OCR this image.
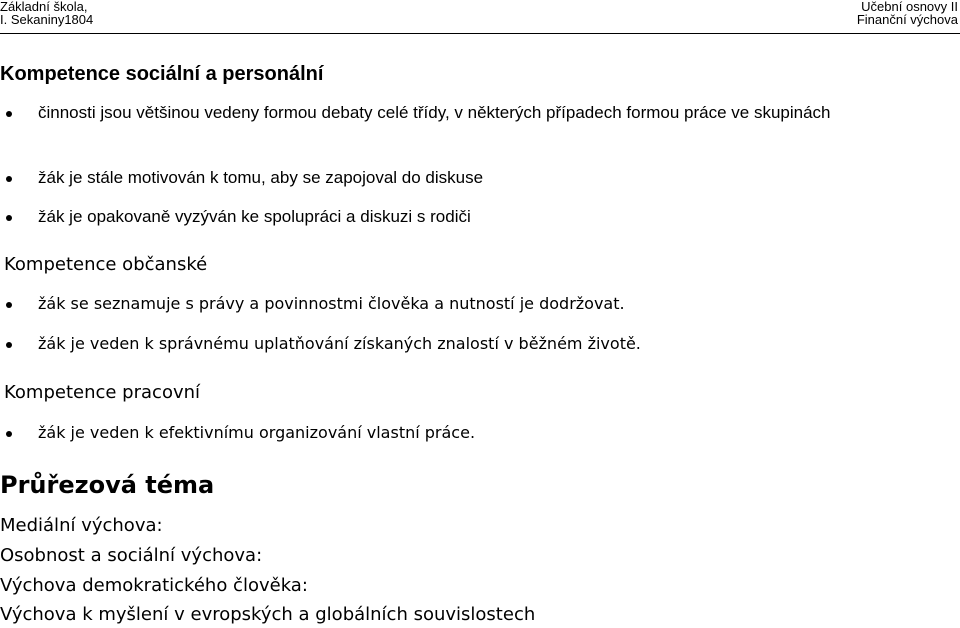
Základní škola,
I. Sekaniny1804
Učební osnovy II
Finanční výchova
Kompetence sociální a personální
činnosti jsou většinou vedeny formou debaty celé třídy, v některých případech formou práce ve skupinách
žák je stále motivován k tomu, aby se zapojoval do diskuse
žák je opakovaně vyzýván ke spolupráci a diskuzi s rodiči
Kompetence občanské
žák se seznamuje s právy a povinnostmi člověka a nutností je dodržovat.
žák je veden k správnému uplatňování získaných znalostí v běžném životě.
Kompetence pracovní
žák je veden k efektivnímu organizování vlastní práce.
Průřezová téma
Mediální výchova:
Osobnost a sociální výchova:
Výchova demokratického člověka:
Výchova k myšlení v evropských a globálních souvislostech
